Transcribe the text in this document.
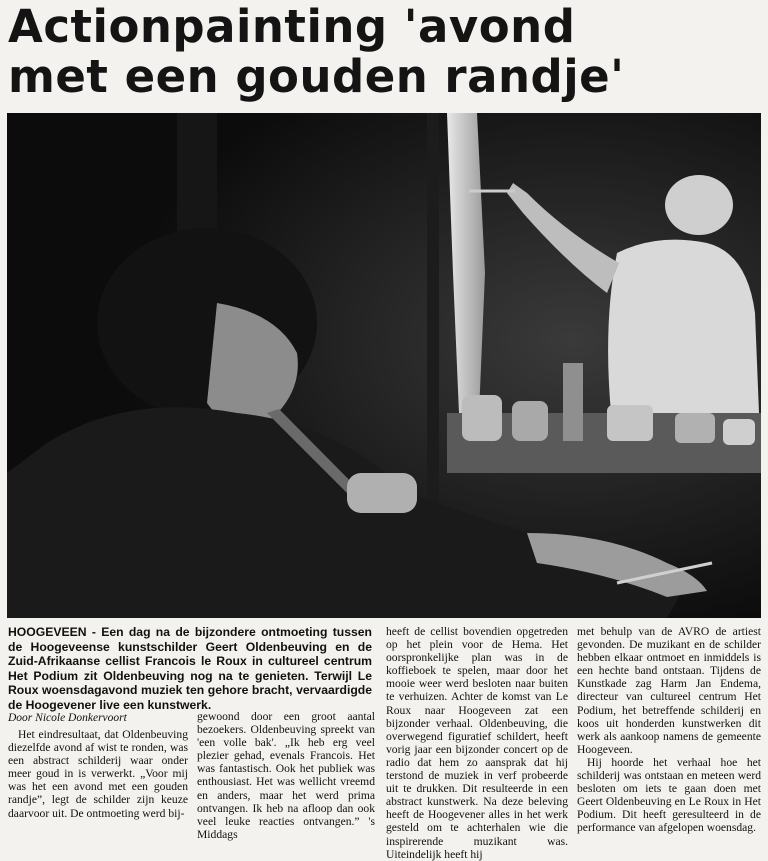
Actionpainting 'avond
met een gouden randje'

HOOGEVEEN - Een dag na de bijzondere ontmoeting tussen de Hoogeveense kunstschilder Geert Oldenbeuving en de Zuid-Afrikaanse cellist Francois le Roux in cultureel centrum Het Podium zit Oldenbeuving nog na te genieten. Terwijl Le Roux woensdagavond muziek ten gehore bracht, vervaardigde de Hoogevener live een kunstwerk.

Door Nicole Donkervoort

Het eindresultaat, dat Oldenbeuving diezelfde avond af wist te ronden, was een abstract schilderij waar onder meer goud in is verwerkt. „Voor mij was het een avond met een gouden randje”, legt de schilder zijn keuze daarvoor uit. De ontmoeting werd bij-

gewoond door een groot aantal bezoekers. Oldenbeuving spreekt van 'een volle bak'. „Ik heb erg veel plezier gehad, evenals Francois. Het was fantastisch. Ook het publiek was enthousiast. Het was wellicht vreemd en anders, maar het werd prima ontvangen. Ik heb na afloop dan ook veel leuke reacties ontvangen.” 's Middags

heeft de cellist bovendien opgetreden op het plein voor de Hema. Het oorspronkelijke plan was in de koffieboek te spelen, maar door het mooie weer werd besloten naar buiten te verhuizen. Achter de komst van Le Roux naar Hoogeveen zat een bijzonder verhaal. Oldenbeuving, die overwegend figuratief schildert, heeft vorig jaar een bijzonder concert op de radio dat hem zo aansprak dat hij terstond de muziek in verf probeerde uit te drukken. Dit resulteerde in een abstract kunstwerk. Na deze beleving heeft de Hoogevener alles in het werk gesteld om te achterhalen wie die inspirerende muzikant was. Uiteindelijk heeft hij

met behulp van de AVRO de artiest gevonden. De muzikant en de schilder hebben elkaar ontmoet en inmiddels is een hechte band ontstaan. Tijdens de Kunstkade zag Harm Jan Endema, directeur van cultureel centrum Het Podium, het betreffende schilderij en koos uit honderden kunstwerken dit werk als aankoop namens de gemeente Hoogeveen.

Hij hoorde het verhaal hoe het schilderij was ontstaan en meteen werd besloten om iets te gaan doen met Geert Oldenbeuving en Le Roux in Het Podium. Dit heeft geresulteerd in de performance van afgelopen woensdag.
